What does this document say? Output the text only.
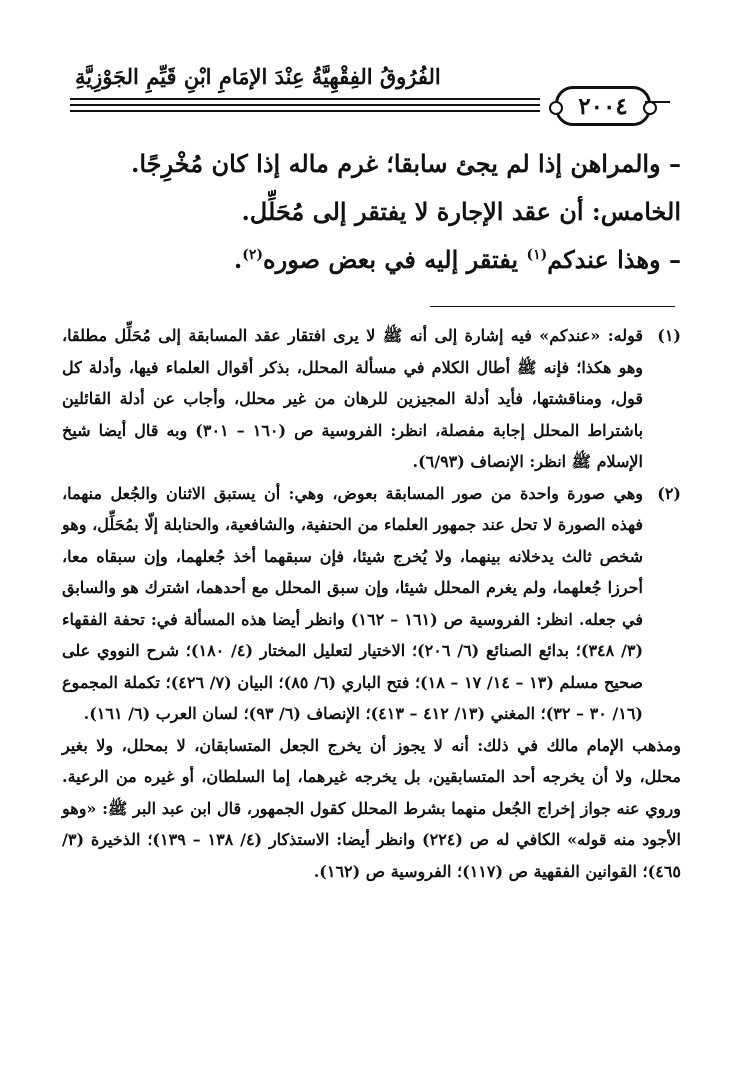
الفُرُوقُ الفِقْهِيَّةُ عِنْدَ الإمَامِ ابْنِ قَيِّمِ الجَوْزِيَّةِ
٢٠٠٤
– والمراهن إذا لم يجئ سابقا؛ غرم ماله إذا كان مُخْرِجًا.
الخامس: أن عقد الإجارة لا يفتقر إلى مُحَلِّل.
– وهذا عندكم$^{(١)}$ يفتقر إليه في بعض صوره$^{(٢)}$.
(١)
قوله: «عندكم» فيه إشارة إلى أنه ﷺ لا يرى افتقار عقد المسابقة إلى مُحَلِّل مطلقا، وهو هكذا؛ فإنه ﷺ أطال الكلام في مسألة المحلل، بذكر أقوال العلماء فيها، وأدلة كل قول، ومناقشتها، فأيد أدلة المجيزين للرهان من غير محلل، وأجاب عن أدلة القائلين باشتراط المحلل إجابة مفصلة، انظر: الفروسية ص (١٦٠ – ٣٠١) وبه قال أيضا شيخ الإسلام ﷺ انظر: الإنصاف (٦/٩٣).
(٢)
وهي صورة واحدة من صور المسابقة بعوض، وهي: أن يستبق الاثنان والجُعل منهما، فهذه الصورة لا تحل عند جمهور العلماء من الحنفية، والشافعية، والحنابلة إلّا بمُحَلِّل، وهو شخص ثالث يدخلانه بينهما، ولا يُخرج شيئا، فإن سبقهما أخذ جُعلهما، وإن سبقاه معا، أحرزا جُعلهما، ولم يغرم المحلل شيئا، وإن سبق المحلل مع أحدهما، اشترك هو والسابق في جعله. انظر: الفروسية ص (١٦١ – ١٦٢) وانظر أيضا هذه المسألة في: تحفة الفقهاء (٣/ ٣٤٨)؛ بدائع الصنائع (٦/ ٢٠٦)؛ الاختيار لتعليل المختار (٤/ ١٨٠)؛ شرح النووي على صحيح مسلم (١٣ – ١٤/ ١٧ – ١٨)؛ فتح الباري (٦/ ٨٥)؛ البيان (٧/ ٤٢٦)؛ تكملة المجموع (١٦/ ٣٠ – ٣٢)؛ المغني (١٣/ ٤١٢ – ٤١٣)؛ الإنصاف (٦/ ٩٣)؛ لسان العرب (٦/ ١٦١).
ومذهب الإمام مالك في ذلك: أنه لا يجوز أن يخرج الجعل المتسابقان، لا بمحلل، ولا بغير محلل، ولا أن يخرجه أحد المتسابقين، بل يخرجه غيرهما، إما السلطان، أو غيره من الرعية. وروي عنه جواز إخراج الجُعل منهما بشرط المحلل كقول الجمهور، قال ابن عبد البر ﷺ: «وهو الأجود منه قوله» الكافي له ص (٢٢٤) وانظر أيضا: الاستذكار (٤/ ١٣٨ – ١٣٩)؛ الذخيرة (٣/ ٤٦٥)؛ القوانين الفقهية ص (١١٧)؛ الفروسية ص (١٦٢).
